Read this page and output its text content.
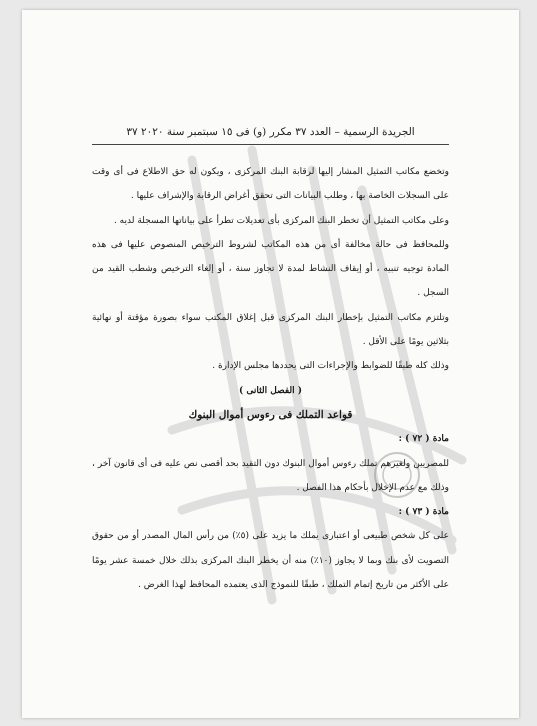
الجريدة الرسمية – العدد ٣٧ مكرر (و) فى ١٥ سبتمبر سنة ٢٠٢٠ ٣٧

وتخضع مكاتب التمثيل المشار إليها لرقابة البنك المركزى ، ويكون له حق الاطلاع فى أى وقت على السجلات الخاصة بها ، وطلب البيانات التى تحقق أغراض الرقابة والإشراف عليها .

وعلى مكاتب التمثيل أن تخطر البنك المركزى بأى تعديلات تطرأ على بياناتها المسجلة لديه .

وللمحافظ فى حالة مخالفة أى من هذه المكاتب لشروط الترخيص المنصوص عليها فى هذه المادة توجيه تنبيه ، أو إيقاف النشاط لمدة لا تجاوز سنة ، أو إلغاء الترخيص وشطب القيد من السجل .

وتلتزم مكاتب التمثيل بإخطار البنك المركزى قبل إغلاق المكتب سواء بصورة مؤقتة أو نهائية بثلاثين يومًا على الأقل .

وذلك كله طبقًا للضوابط والإجراءات التى يحددها مجلس الإدارة .

( الفصل الثانى )

قواعد التملك فى رءوس أموال البنوك

مادة ( ٧٢ ) :

للمصريين ولغيرهم تملك رءوس أموال البنوك دون التقيد بحد أقصى نص عليه فى أى قانون آخر ، وذلك مع عدم الإخلال بأحكام هذا الفصل .

مادة ( ٧٣ ) :

على كل شخص طبيعى أو اعتبارى يملك ما يزيد على (٥٪) من رأس المال المصدر أو من حقوق التصويت لأى بنك وبما لا يجاوز (١٠٪) منه أن يخطر البنك المركزى بذلك خلال خمسة عشر يومًا على الأكثر من تاريخ إتمام التملك ، طبقًا للنموذج الذى يعتمده المحافظ لهذا الغرض .
